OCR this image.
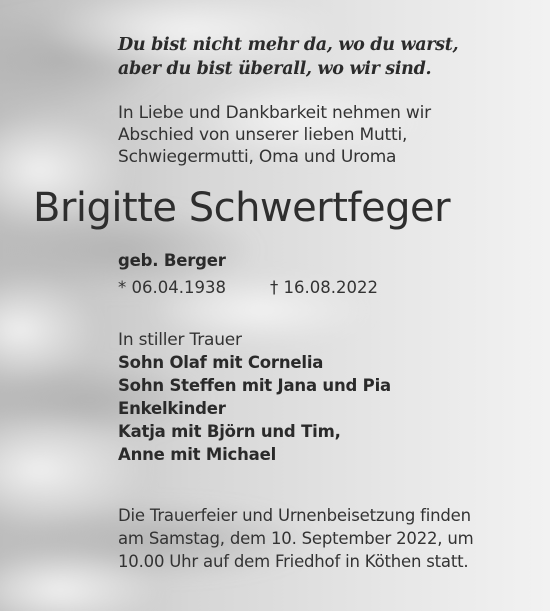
Du bist nicht mehr da, wo du warst,
aber du bist überall, wo wir sind.
In Liebe und Dankbarkeit nehmen wir
Abschied von unserer lieben Mutti,
Schwiegermutti, Oma und Uroma
Brigitte Schwertfeger
geb. Berger
* 06.04.1938	† 16.08.2022
In stiller Trauer
Sohn Olaf mit Cornelia
Sohn Steffen mit Jana und Pia
Enkelkinder
Katja mit Björn und Tim,
Anne mit Michael
Die Trauerfeier und Urnenbeisetzung finden
am Samstag, dem 10. September 2022, um
10.00 Uhr auf dem Friedhof in Köthen statt.
